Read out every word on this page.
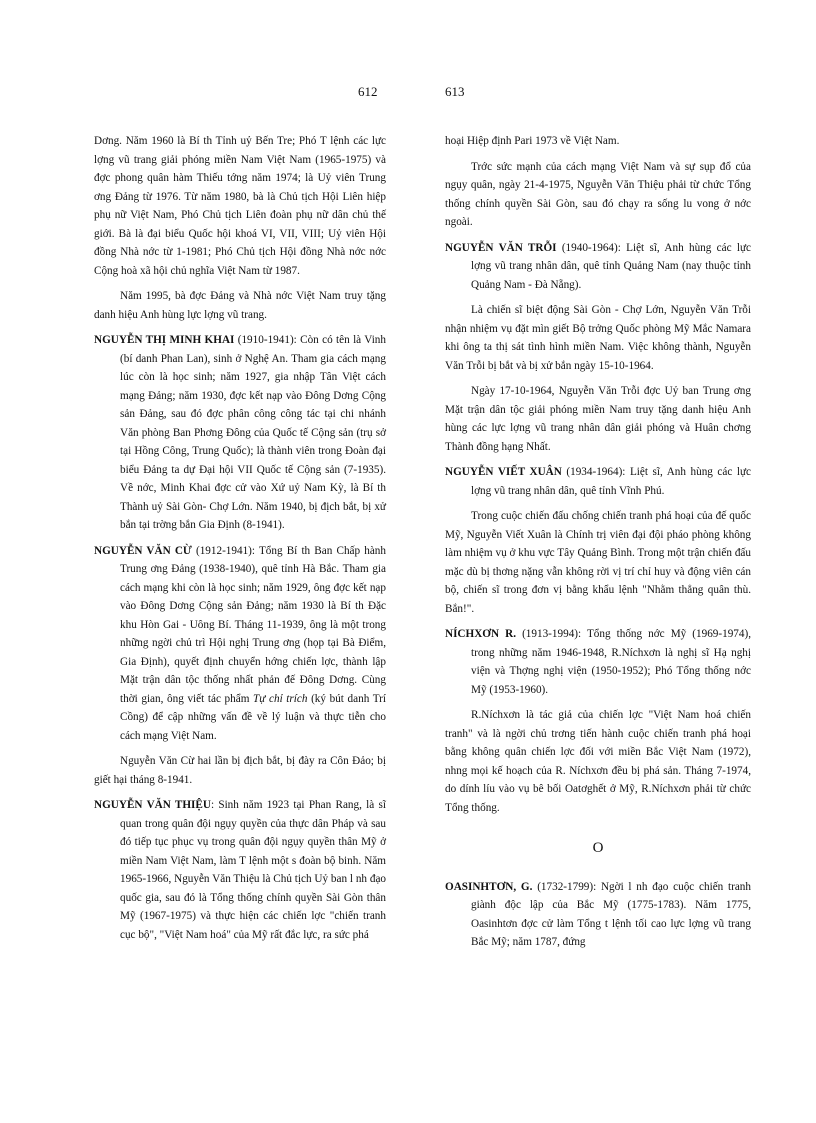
612	613

Dơng. Năm 1960 là Bí th Tỉnh uỷ Bến Tre; Phó T lệnh các lực lợng vũ trang giải phóng miền Nam Việt Nam (1965-1975) và đợc phong quân hàm Thiếu tớng năm 1974; là Uỷ viên Trung ơng Đảng từ 1976. Từ năm 1980, bà là Chủ tịch Hội Liên hiệp phụ nữ Việt Nam, Phó Chủ tịch Liên đoàn phụ nữ dân chủ thế giới. Bà là đại biểu Quốc hội khoá VI, VII, VIII; Uỷ viên Hội đồng Nhà nớc từ 1-1981; Phó Chủ tịch Hội đồng Nhà nớc nớc Cộng hoà xã hội chủ nghĩa Việt Nam từ 1987.

Năm 1995, bà đợc Đảng và Nhà nớc Việt Nam truy tặng danh hiệu Anh hùng lực lợng vũ trang.

NGUYỄN THỊ MINH KHAI (1910-1941): Còn có tên là Vinh (bí danh Phan Lan), sinh ở Nghệ An. Tham gia cách mạng lúc còn là học sinh; năm 1927, gia nhập Tân Việt cách mạng Đảng; năm 1930, đợc kết nạp vào Đông Dơng Cộng sản Đảng, sau đó đợc phân công công tác tại chi nhánh Văn phòng Ban Phơng Đông của Quốc tế Cộng sản (trụ sở tại Hồng Công, Trung Quốc); là thành viên trong Đoàn đại biểu Đảng ta dự Đại hội VII Quốc tế Cộng sản (7-1935). Về nớc, Minh Khai đợc cử vào Xứ uỷ Nam Kỳ, là Bí th Thành uỷ Sài Gòn- Chợ Lớn. Năm 1940, bị địch bắt, bị xử bắn tại trờng bắn Gia Định (8-1941).
NGUYỄN VĂN CỪ (1912-1941): Tổng Bí th Ban Chấp hành Trung ơng Đảng (1938-1940), quê tỉnh Hà Bắc. Tham gia cách mạng khi còn là học sinh; năm 1929, ông đợc kết nạp vào Đông Dơng Cộng sản Đảng; năm 1930 là Bí th Đặc khu Hòn Gai - Uông Bí. Tháng 11-1939, ông là một trong những ngời chủ trì Hội nghị Trung ơng (họp tại Bà Điểm, Gia Định), quyết định chuyển hớng chiến lợc, thành lập Mặt trận dân tộc thống nhất phản đế Đông Dơng. Cùng thời gian, ông viết tác phẩm Tự chỉ trích (ký bút danh Trí Cồng) để cập những vấn đề về lý luận và thực tiễn cho cách mạng Việt Nam.

Nguyễn Văn Cừ hai lần bị địch bắt, bị đày ra Côn Đảo; bị giết hại tháng 8-1941.

NGUYỄN VĂN THIỆU: Sinh năm 1923 tại Phan Rang, là sĩ quan trong quân đội ngụy quyền của thực dân Pháp và sau đó tiếp tục phục vụ trong quân đội ngụy quyền thân Mỹ ở miền Nam Việt Nam, làm T lệnh một s đoàn bộ binh. Năm 1965-1966, Nguyễn Văn Thiệu là Chủ tịch Uỷ ban l nh đạo quốc gia, sau đó là Tổng thống chính quyền Sài Gòn thân Mỹ (1967-1975) và thực hiện các chiến lợc "chiến tranh cục bộ", "Việt Nam hoá" của Mỹ rất đắc lực, ra sức phá

hoại Hiệp định Pari 1973 về Việt Nam.

Trớc sức mạnh của cách mạng Việt Nam và sự sụp đổ của ngụy quân, ngày 21-4-1975, Nguyễn Văn Thiệu phải từ chức Tổng thống chính quyền Sài Gòn, sau đó chạy ra sống lu vong ở nớc ngoài.

NGUYỄN VĂN TRỖI (1940-1964): Liệt sĩ, Anh hùng các lực lợng vũ trang nhân dân, quê tỉnh Quảng Nam (nay thuộc tỉnh Quảng Nam - Đà Nẵng).

Là chiến sĩ biệt động Sài Gòn - Chợ Lớn, Nguyễn Văn Trỗi nhận nhiệm vụ đặt mìn giết Bộ trởng Quốc phòng Mỹ Mắc Namara khi ông ta thị sát tình hình miền Nam. Việc không thành, Nguyễn Văn Trỗi bị bắt và bị xử bắn ngày 15-10-1964.

Ngày 17-10-1964, Nguyễn Văn Trỗi đợc Uỷ ban Trung ơng Mặt trận dân tộc giải phóng miền Nam truy tặng danh hiệu Anh hùng các lực lợng vũ trang nhân dân giải phóng và Huân chơng Thành đồng hạng Nhất.

NGUYỄN VIẾT XUÂN (1934-1964): Liệt sĩ, Anh hùng các lực lợng vũ trang nhân dân, quê tỉnh Vĩnh Phú.

Trong cuộc chiến đấu chống chiến tranh phá hoại của đế quốc Mỹ, Nguyễn Viết Xuân là Chính trị viên đại đội pháo phòng không làm nhiệm vụ ở khu vực Tây Quảng Bình. Trong một trận chiến đấu mặc dù bị thơng nặng vẫn không rời vị trí chỉ huy và động viên cán bộ, chiến sĩ trong đơn vị bằng khẩu lệnh "Nhằm thẳng quân thù. Bắn!".

NÍCHXƠN R. (1913-1994): Tổng thống nớc Mỹ (1969-1974), trong những năm 1946-1948, R.Níchxơn là nghị sĩ Hạ nghị viện và Thợng nghị viện (1950-1952); Phó Tổng thống nớc Mỹ (1953-1960).

R.Níchxơn là tác giả của chiến lợc "Việt Nam hoá chiến tranh" và là ngời chủ trơng tiến hành cuộc chiến tranh phá hoại bằng không quân chiến lợc đối với miền Bắc Việt Nam (1972), nhng mọi kế hoạch của R. Níchxơn đều bị phá sản. Tháng 7-1974, do dính líu vào vụ bê bối Oatơghết ở Mỹ, R.Níchxơn phải từ chức Tổng thống.

O
OASINHTƠN, G. (1732-1799): Ngời l nh đạo cuộc chiến tranh giành độc lập của Bắc Mỹ (1775-1783). Năm 1775, Oasinhtơn đợc cử làm Tổng t lệnh tối cao lực lợng vũ trang Bắc Mỹ; năm 1787, đứng
